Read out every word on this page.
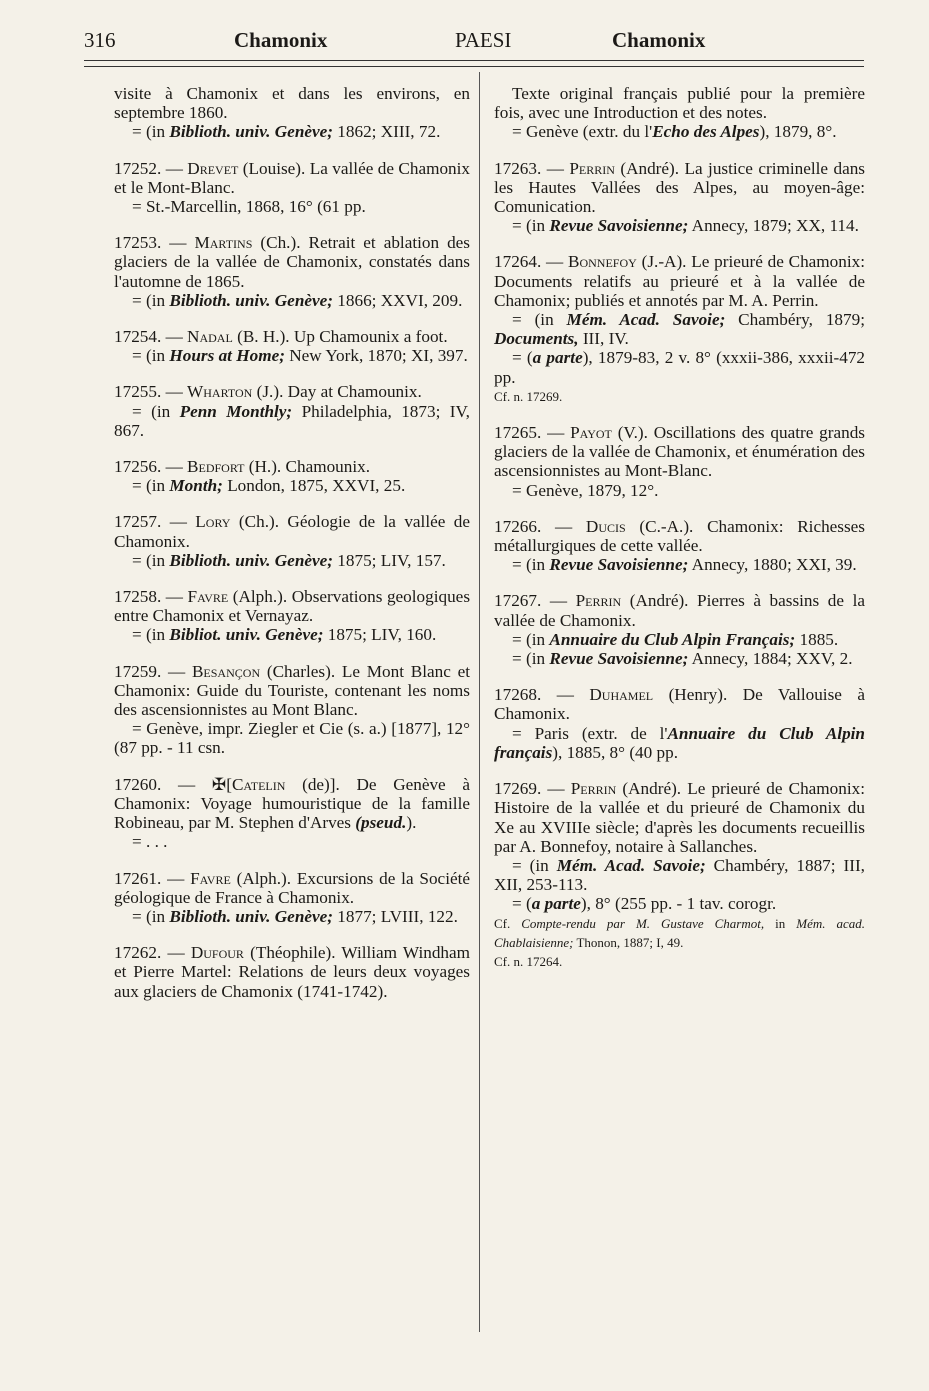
316	Chamonix	PAESI	Chamonix

visite à Chamonix et dans les environs, en septembre 1860.

= (in Biblioth. univ. Genève; 1862; XIII, 72.

17252. — Drevet (Louise). La vallée de Chamonix et le Mont-Blanc.

= St.-Marcellin, 1868, 16° (61 pp.

17253. — Martins (Ch.). Retrait et ablation des glaciers de la vallée de Chamonix, constatés dans l'automne de 1865.

= (in Biblioth. univ. Genève; 1866; XXVI, 209.

17254. — Nadal (B. H.). Up Chamounix a foot.

= (in Hours at Home; New York, 1870; XI, 397.

17255. — Wharton (J.). Day at Chamounix.

= (in Penn Monthly; Philadelphia, 1873; IV, 867.

17256. — Bedfort (H.). Chamounix.

= (in Month; London, 1875, XXVI, 25.

17257. — Lory (Ch.). Géologie de la vallée de Chamonix.

= (in Biblioth. univ. Genève; 1875; LIV, 157.

17258. — Favre (Alph.). Observations geologiques entre Chamonix et Vernayaz.

= (in Bibliot. univ. Genève; 1875; LIV, 160.

17259. — Besançon (Charles). Le Mont Blanc et Chamonix: Guide du Touriste, contenant les noms des ascensionnistes au Mont Blanc.

= Genève, impr. Ziegler et Cie (s. a.) [1877], 12° (87 pp. - 11 csn.

17260. — ✠[Catelin (de)]. De Genève à Chamonix: Voyage humouristique de la famille Robineau, par M. Stephen d'Arves (pseud.).

= . . .

17261. — Favre (Alph.). Excursions de la Société géologique de France à Chamonix.

= (in Biblioth. univ. Genève; 1877; LVIII, 122.

17262. — Dufour (Théophile). William Windham et Pierre Martel: Relations de leurs deux voyages aux glaciers de Chamonix (1741-1742).

Texte original français publié pour la première fois, avec une Introduction et des notes.

= Genève (extr. du l'Echo des Alpes), 1879, 8°.

17263. — Perrin (André). La justice criminelle dans les Hautes Vallées des Alpes, au moyen-âge: Comunication.

= (in Revue Savoisienne; Annecy, 1879; XX, 114.

17264. — Bonnefoy (J.-A). Le prieuré de Chamonix: Documents relatifs au prieuré et à la vallée de Chamonix; publiés et annotés par M. A. Perrin.

= (in Mém. Acad. Savoie; Chambéry, 1879; Documents, III, IV.

= (a parte), 1879-83, 2 v. 8° (xxxii-386, xxxii-472 pp.

Cf. n. 17269.

17265. — Payot (V.). Oscillations des quatre grands glaciers de la vallée de Chamonix, et énumération des ascensionnistes au Mont-Blanc.

= Genève, 1879, 12°.

17266. — Ducis (C.-A.). Chamonix: Richesses métallurgiques de cette vallée.

= (in Revue Savoisienne; Annecy, 1880; XXI, 39.

17267. — Perrin (André). Pierres à bassins de la vallée de Chamonix.

= (in Annuaire du Club Alpin Français; 1885.

= (in Revue Savoisienne; Annecy, 1884; XXV, 2.

17268. — Duhamel (Henry). De Vallouise à Chamonix.

= Paris (extr. de l'Annuaire du Club Alpin français), 1885, 8° (40 pp.

17269. — Perrin (André). Le prieuré de Chamonix: Histoire de la vallée et du prieuré de Chamonix du Xe au XVIIIe siècle; d'après les documents recueillis par A. Bonnefoy, notaire à Sallanches.

= (in Mém. Acad. Savoie; Chambéry, 1887; III, XII, 253-113.

= (a parte), 8° (255 pp. - 1 tav. corogr.

Cf. Compte-rendu par M. Gustave Charmot, in Mém. acad. Chablaisienne; Thonon, 1887; I, 49.

Cf. n. 17264.
